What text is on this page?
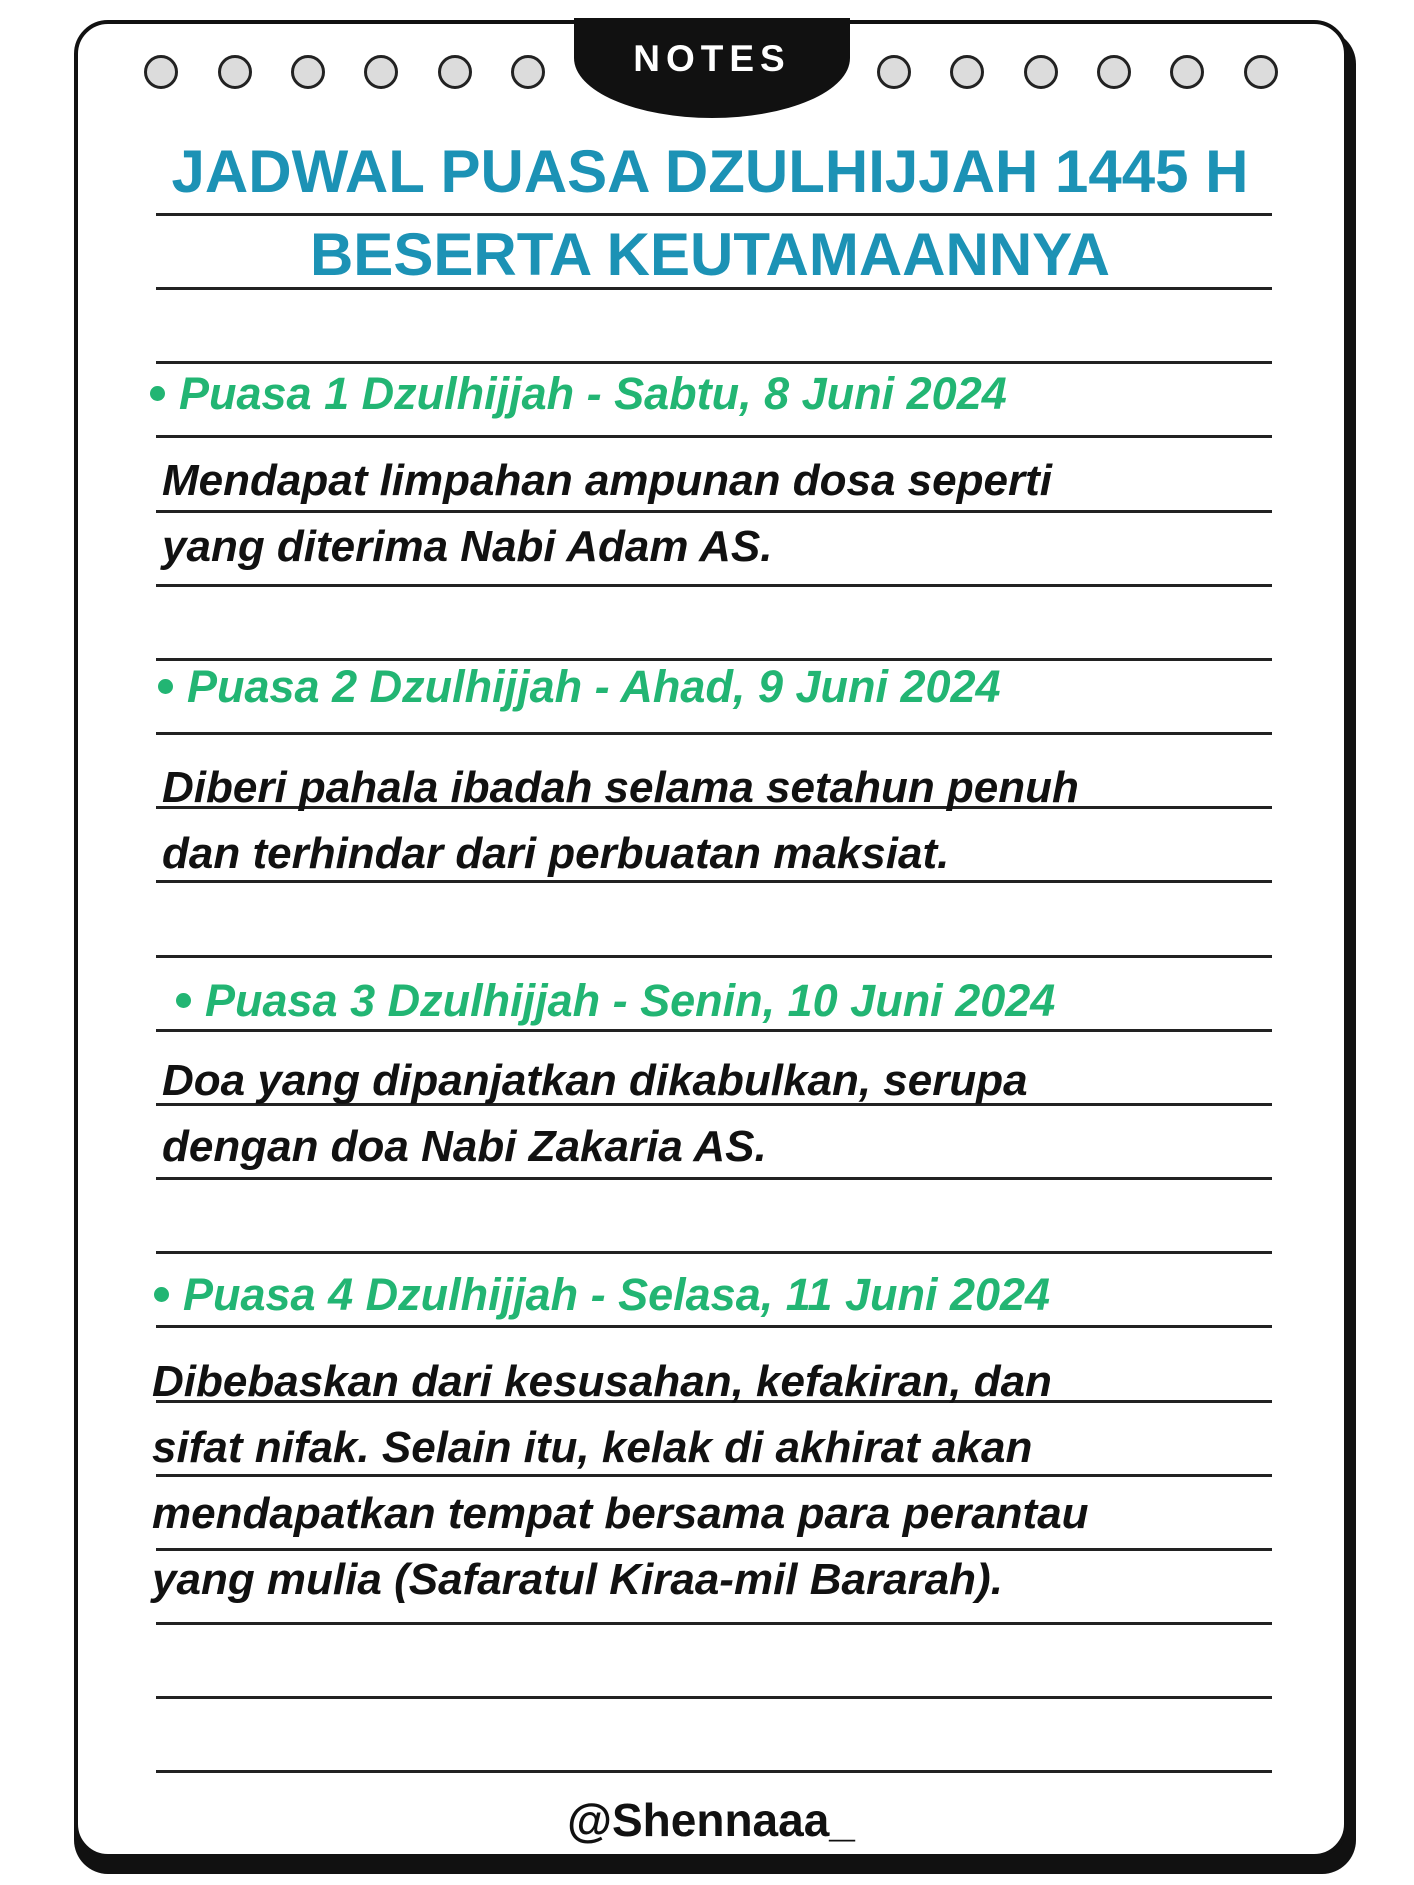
NOTES
JADWAL PUASA DZULHIJJAH 1445 H
BESERTA KEUTAMAANNYA
Puasa 1 Dzulhijjah - Sabtu, 8 Juni 2024
Mendapat limpahan ampunan dosa seperti
yang diterima Nabi Adam AS.
Puasa 2 Dzulhijjah - Ahad, 9 Juni 2024
Diberi pahala ibadah selama setahun penuh
dan terhindar dari perbuatan maksiat.
Puasa 3 Dzulhijjah - Senin, 10 Juni 2024
Doa yang dipanjatkan dikabulkan, serupa
dengan doa Nabi Zakaria AS.
Puasa 4 Dzulhijjah - Selasa, 11 Juni 2024
Dibebaskan dari kesusahan, kefakiran, dan
sifat nifak. Selain itu, kelak di akhirat akan
mendapatkan tempat bersama para perantau
yang mulia (Safaratul Kiraa-mil Bararah).
@Shennaaa_
